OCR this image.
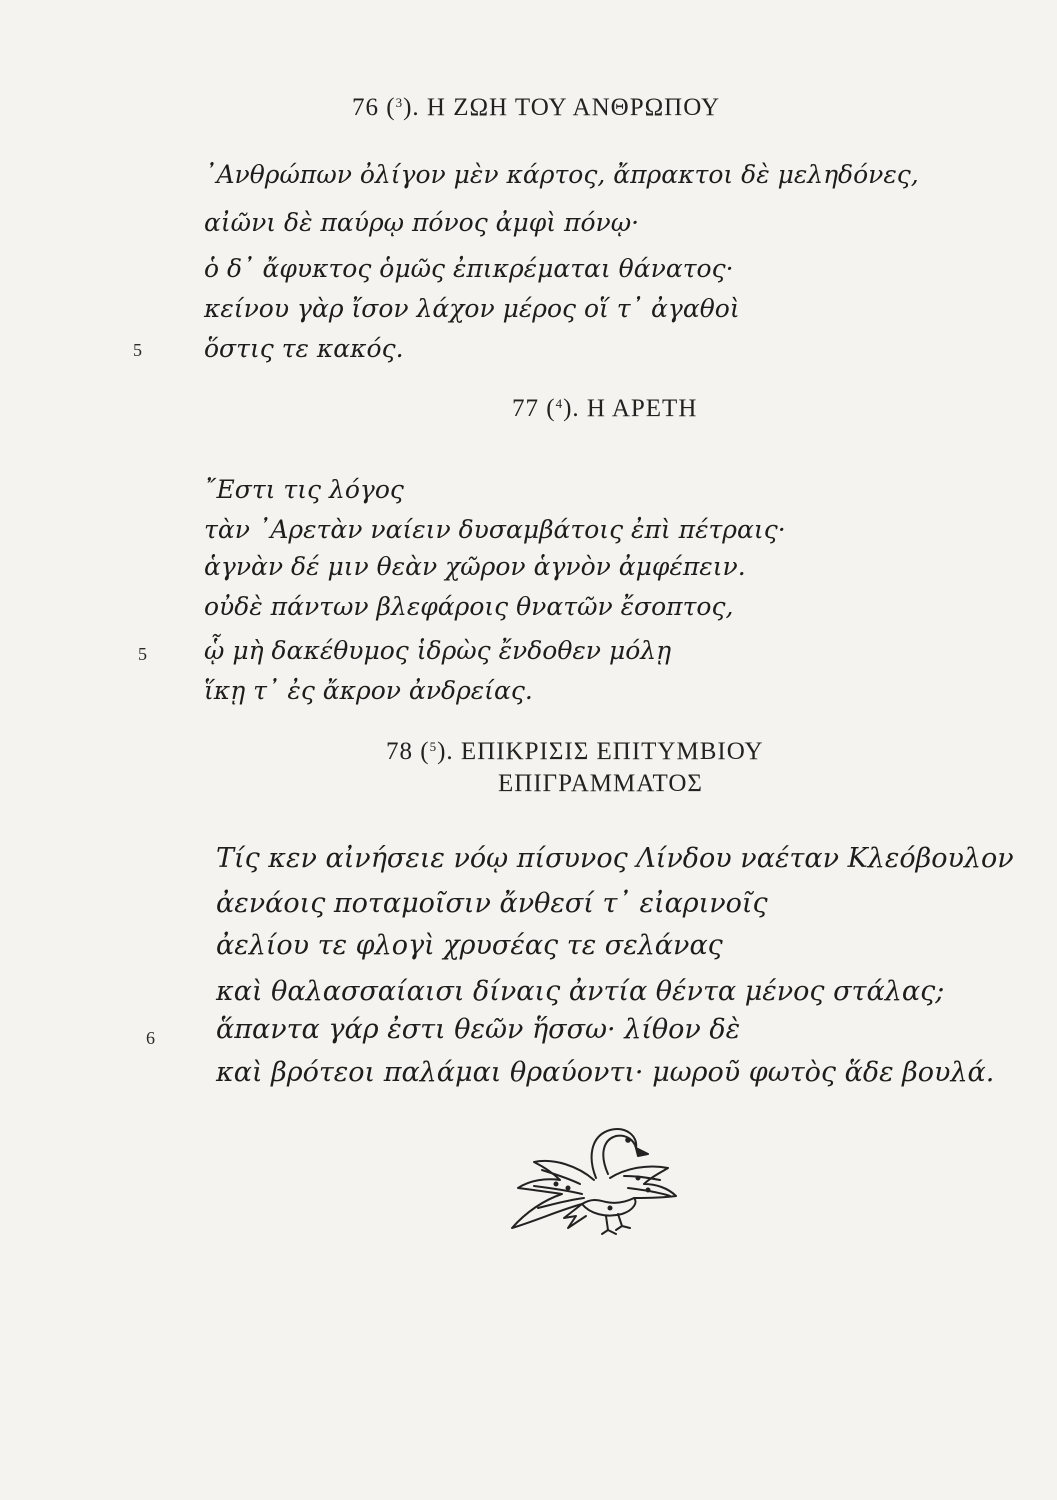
76 ($^3$). Η ΖΩΗ ΤΟΥ ΑΝΘΡΩΠΟΥ
᾿Ανθρώπων ὀλίγον μὲν κάρτος, ἄπρακτοι δὲ μεληδόνες,
αἰῶνι δὲ παύρῳ πόνος ἀμφὶ πόνῳ·
ὁ δ᾿ ἄφυκτος ὁμῶς ἐπικρέμαται θάνατος·
κείνου γὰρ ἴσον λάχον μέρος οἵ τ᾿ ἀγαθοὶ
ὅστις τε κακός.
5
77 ($^4$). Η ΑΡΕΤΗ
῎Εστι τις λόγος
τὰν ᾿Αρετὰν ναίειν δυσαμβάτοις ἐπὶ πέτραις·
ἁγνὰν δέ μιν θεὰν χῶρον ἁγνὸν ἀμφέπειν.
οὐδὲ πάντων βλεφάροις θνατῶν ἔσοπτος,
ᾧ μὴ δακέθυμος ἱδρὼς ἔνδοθεν μόλῃ
5
ἵκῃ τ᾿ ἐς ἄκρον ἀνδρείας.
78 ($^5$). ΕΠΙΚΡΙΣΙΣ ΕΠΙΤΥΜΒΙΟΥ
ΕΠΙΓΡΑΜΜΑΤΟΣ
Τίς κεν αἰνήσειε νόῳ πίσυνος Λίνδου ναέταν Κλεόβουλον
ἀενάοις ποταμοῖσιν ἄνθεσί τ᾿ εἰαρινοῖς
ἀελίου τε φλογὶ χρυσέας τε σελάνας
καὶ θαλασσαίαισι δίναις ἀντία θέντα μένος στάλας;
ἅπαντα γάρ ἐστι θεῶν ἥσσω· λίθον δὲ
6
καὶ βρότεοι παλάμαι θραύοντι· μωροῦ φωτὸς ἅδε βουλά.
